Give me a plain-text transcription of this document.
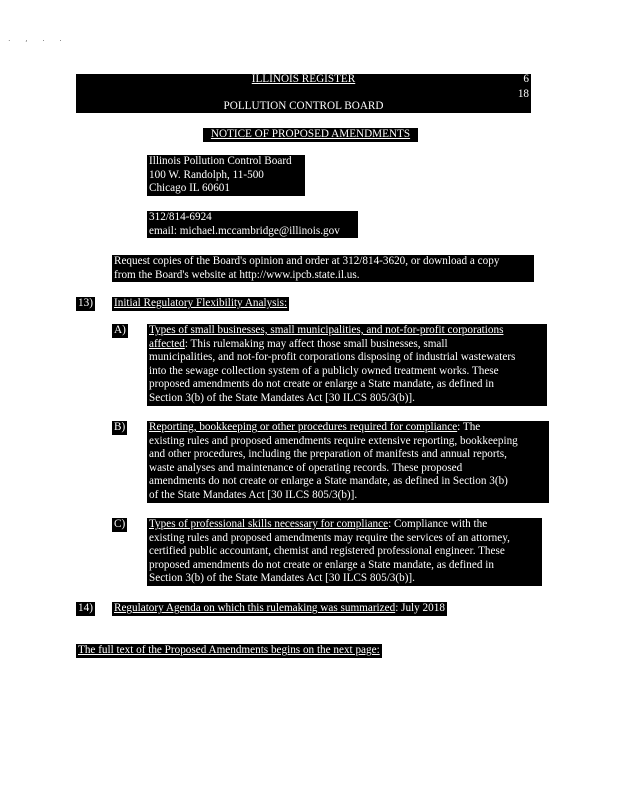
. , . .
ILLINOIS REGISTER	6
18
POLLUTION CONTROL BOARD
NOTICE OF PROPOSED AMENDMENTS
Illinois Pollution Control Board
100 W. Randolph, 11-500
Chicago IL 60601
312/814-6924
email: michael.mccambridge@illinois.gov
Request copies of the Board's opinion and order at 312/814-3620, or download a copy
from the Board's website at http://www.ipcb.state.il.us.
13) Initial Regulatory Flexibility Analysis:
A) Types of small businesses, small municipalities, and not-for-profit corporations
affected: This rulemaking may affect those small businesses, small
municipalities, and not-for-profit corporations disposing of industrial wastewaters
into the sewage collection system of a publicly owned treatment works. These
proposed amendments do not create or enlarge a State mandate, as defined in
Section 3(b) of the State Mandates Act [30 ILCS 805/3(b)].
B) Reporting, bookkeeping or other procedures required for compliance: The
existing rules and proposed amendments require extensive reporting, bookkeeping
and other procedures, including the preparation of manifests and annual reports,
waste analyses and maintenance of operating records. These proposed
amendments do not create or enlarge a State mandate, as defined in Section 3(b)
of the State Mandates Act [30 ILCS 805/3(b)].
C) Types of professional skills necessary for compliance: Compliance with the
existing rules and proposed amendments may require the services of an attorney,
certified public accountant, chemist and registered professional engineer. These
proposed amendments do not create or enlarge a State mandate, as defined in
Section 3(b) of the State Mandates Act [30 ILCS 805/3(b)].
14) Regulatory Agenda on which this rulemaking was summarized: July 2018
The full text of the Proposed Amendments begins on the next page:
